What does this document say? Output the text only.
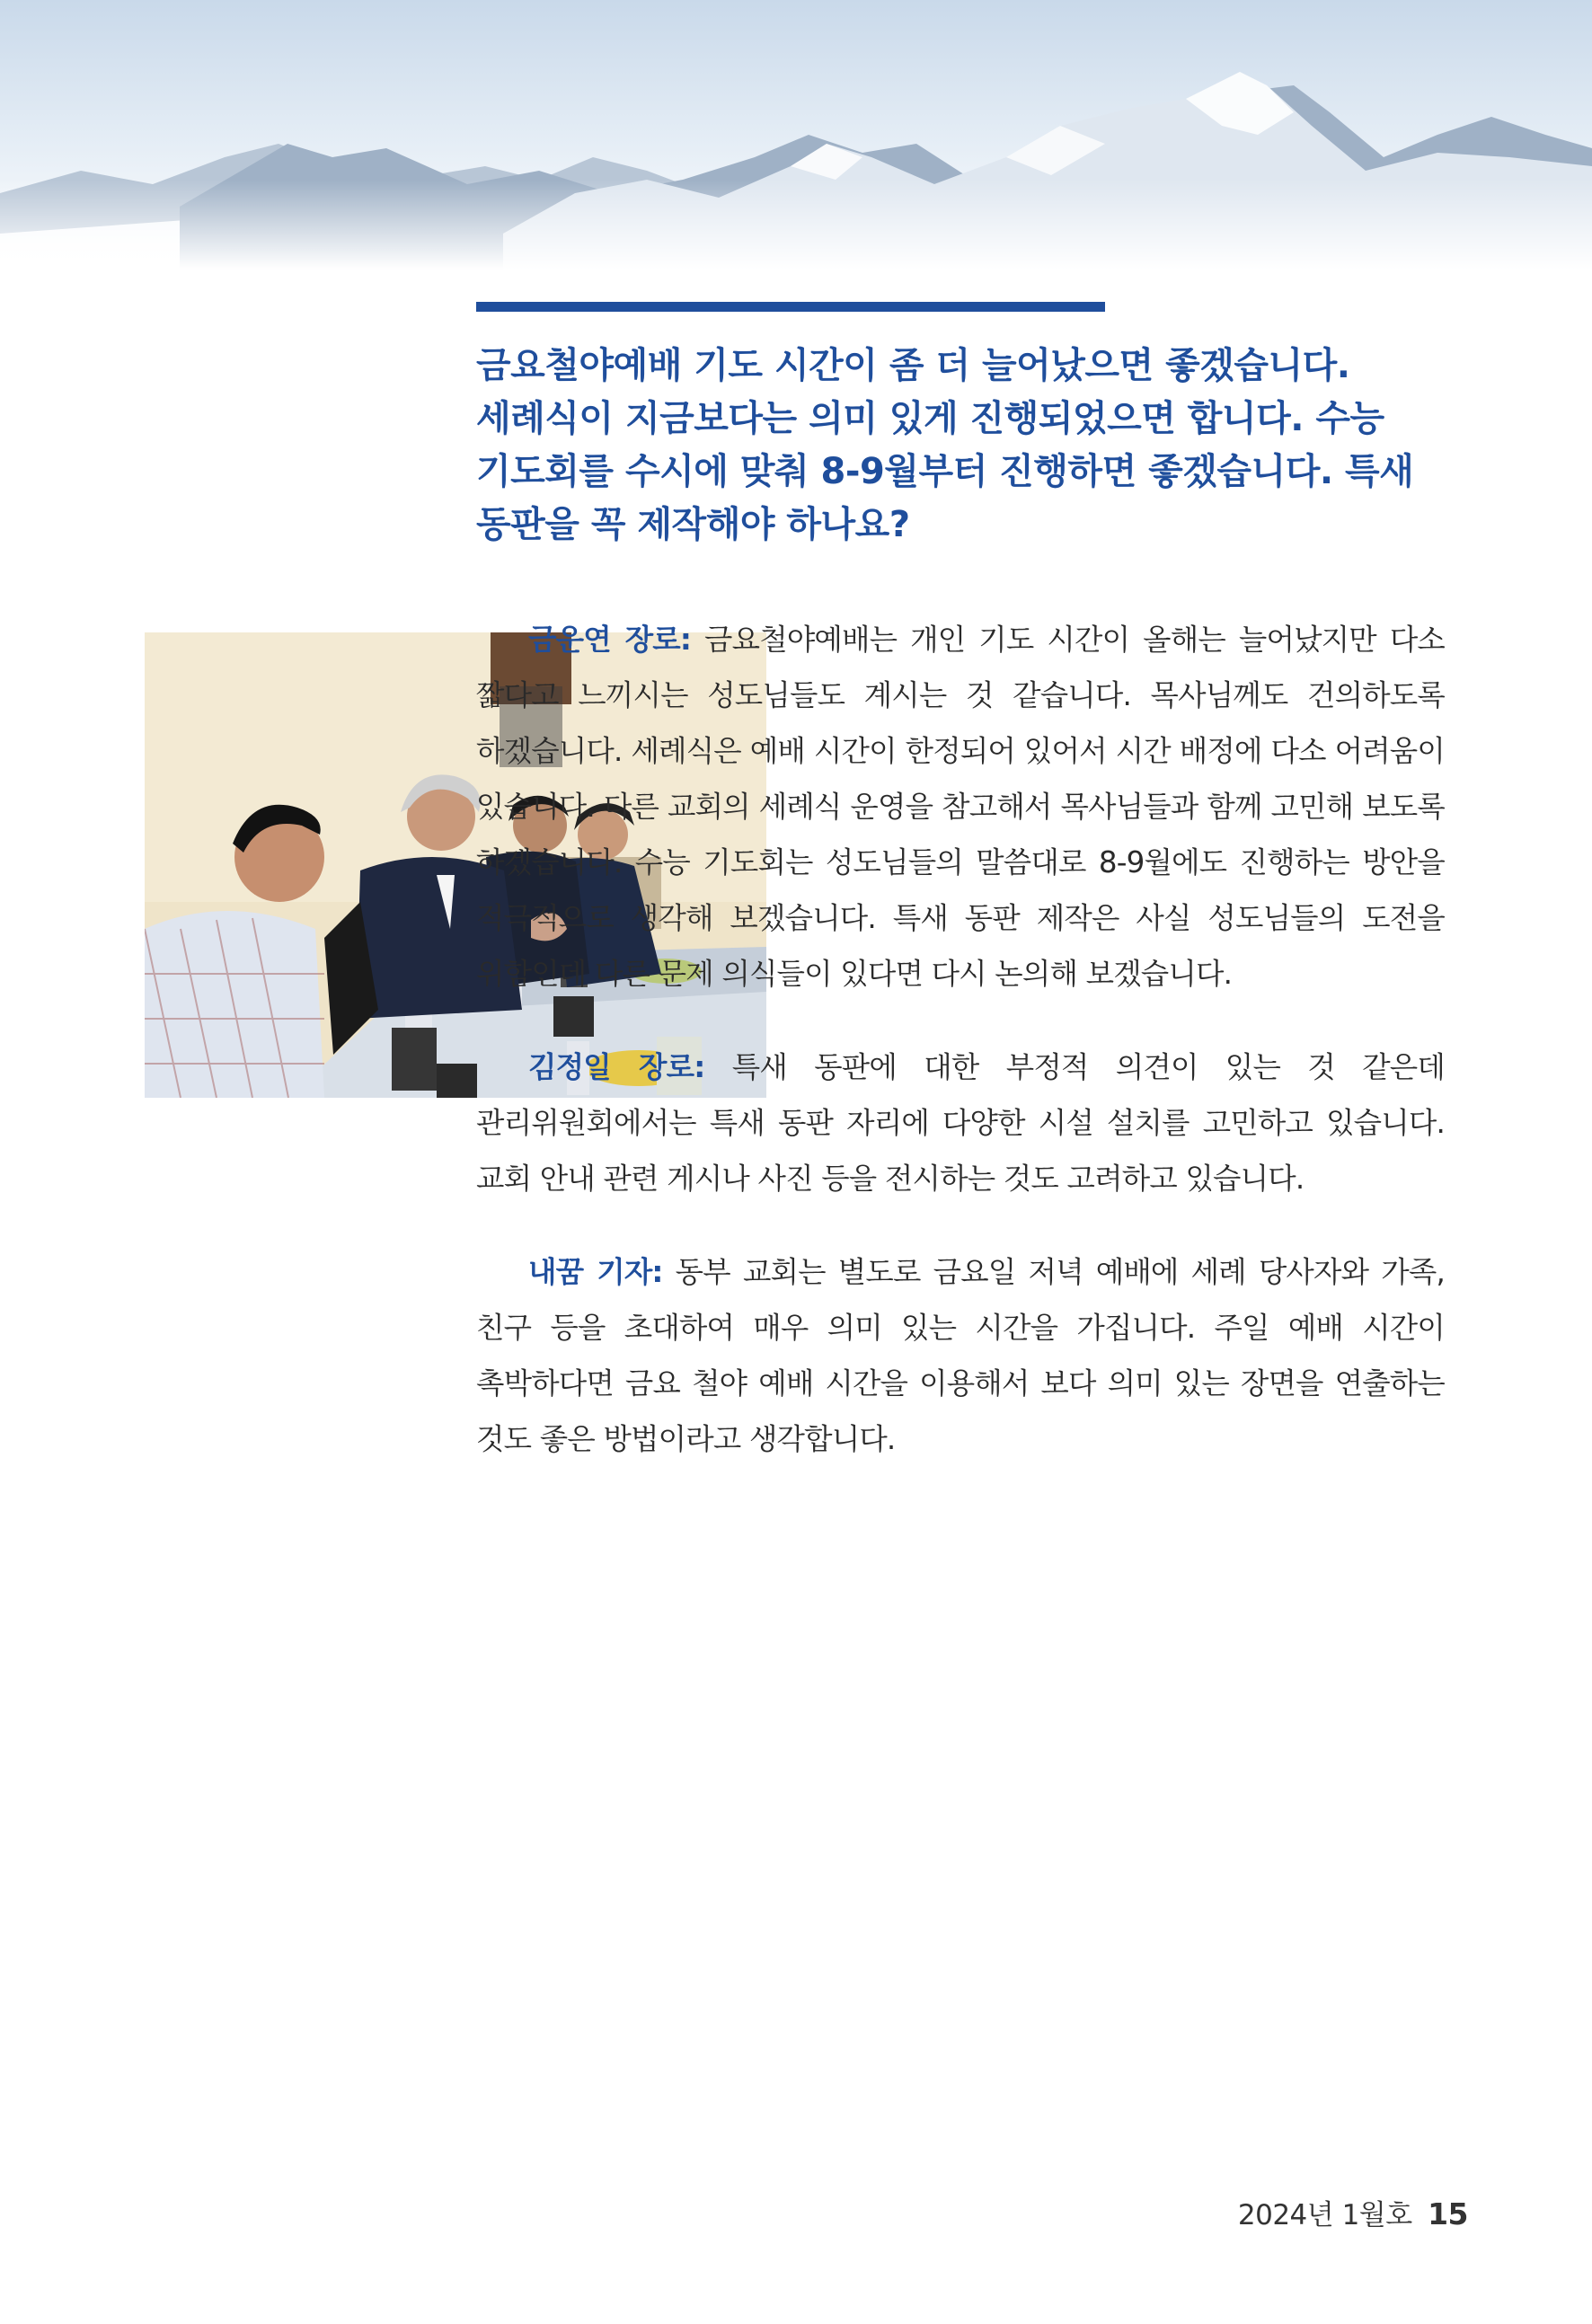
금요철야예배 기도 시간이 좀 더 늘어났으면 좋겠습니다. 세례식이 지금보다는 의미 있게 진행되었으면 합니다. 수능 기도회를 수시에 맞춰 8-9월부터 진행하면 좋겠습니다. 특새 동판을 꼭 제작해야 하나요?

금운연 장로: 금요철야예배는 개인 기도 시간이 올해는 늘어났지만 다소 짧다고 느끼시는 성도님들도 계시는 것 같습니다. 목사님께도 건의하도록 하겠습니다. 세례식은 예배 시간이 한정되어 있어서 시간 배정에 다소 어려움이 있습니다. 다른 교회의 세례식 운영을 참고해서 목사님들과 함께 고민해 보도록 하겠습니다. 수능 기도회는 성도님들의 말씀대로 8-9월에도 진행하는 방안을 적극적으로 생각해 보겠습니다. 특새 동판 제작은 사실 성도님들의 도전을 위함인데 다른 문제 의식들이 있다면 다시 논의해 보겠습니다.

김정일 장로: 특새 동판에 대한 부정적 의견이 있는 것 같은데 관리위원회에서는 특새 동판 자리에 다양한 시설 설치를 고민하고 있습니다. 교회 안내 관련 게시나 사진 등을 전시하는 것도 고려하고 있습니다.

내꿈 기자: 동부 교회는 별도로 금요일 저녁 예배에 세례 당사자와 가족, 친구 등을 초대하여 매우 의미 있는 시간을 가집니다. 주일 예배 시간이 촉박하다면 금요 철야 예배 시간을 이용해서 보다 의미 있는 장면을 연출하는 것도 좋은 방법이라고 생각합니다.

2024년 1월호 15
